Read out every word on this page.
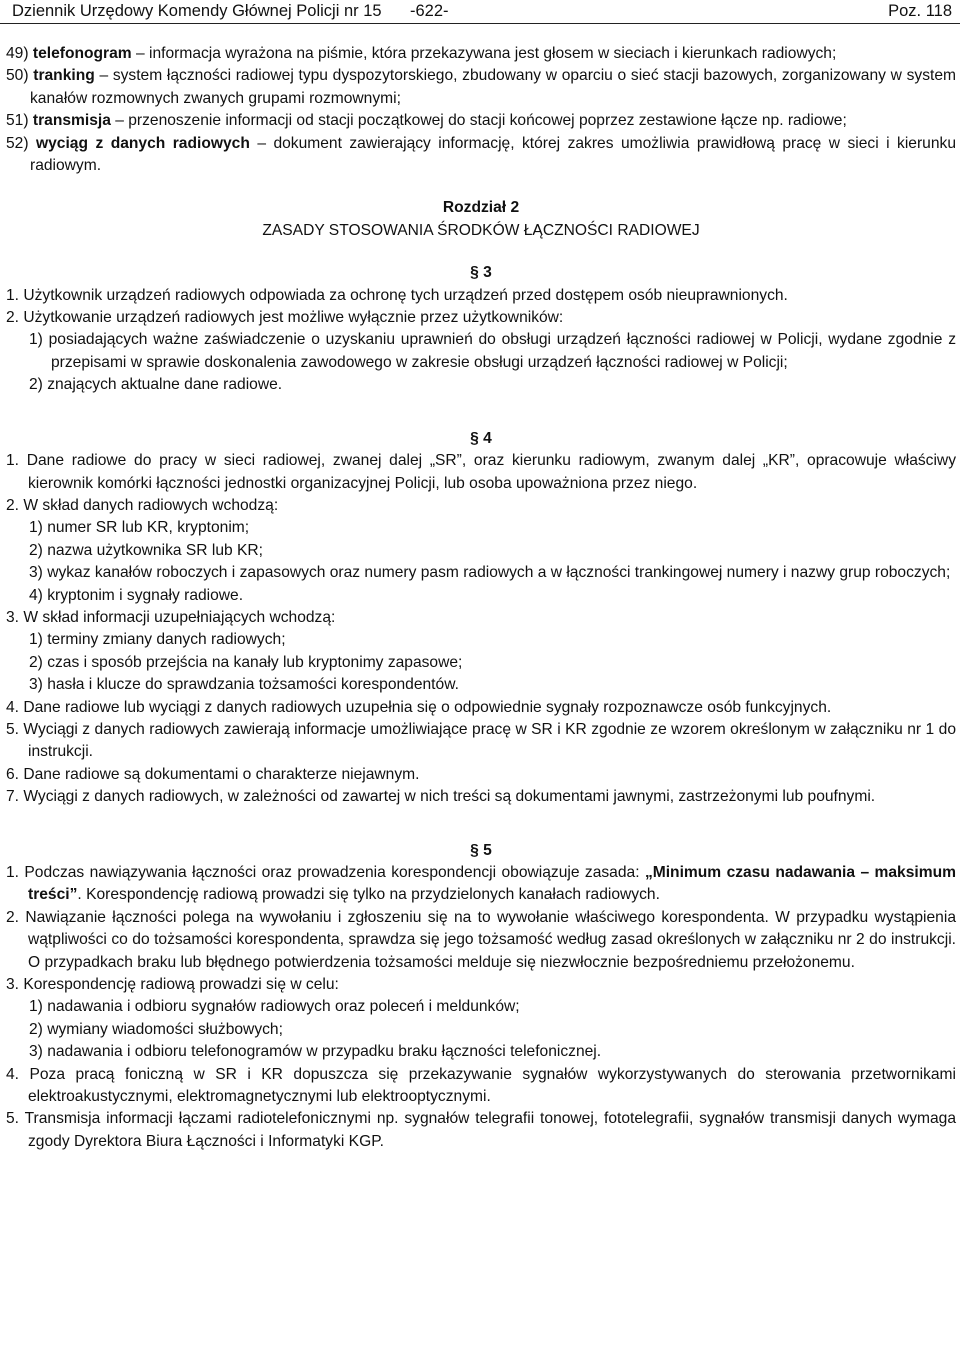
Dziennik Urzędowy Komendy Głównej Policji nr 15 -622-	Poz. 118

49) telefonogram – informacja wyrażona na piśmie, która przekazywana jest głosem w sieciach i kierunkach radiowych;

50) tranking – system łączności radiowej typu dyspozytorskiego, zbudowany w oparciu o sieć stacji bazowych, zorganizowany w system kanałów rozmownych zwanych grupami rozmownymi;

51) transmisja – przenoszenie informacji od stacji początkowej do stacji końcowej poprzez zestawione łącze np. radiowe;

52) wyciąg z danych radiowych – dokument zawierający informację, której zakres umożliwia prawidłową pracę w sieci i kierunku radiowym.

Rozdział 2

ZASADY STOSOWANIA ŚRODKÓW ŁĄCZNOŚCI RADIOWEJ

§ 3

1. Użytkownik urządzeń radiowych odpowiada za ochronę tych urządzeń przed dostępem osób nieuprawnionych.

2. Użytkowanie urządzeń radiowych jest możliwe wyłącznie przez użytkowników:

1) posiadających ważne zaświadczenie o uzyskaniu uprawnień do obsługi urządzeń łączności radiowej w Policji, wydane zgodnie z przepisami w sprawie doskonalenia zawodowego w zakresie obsługi urządzeń łączności radiowej w Policji;

2) znających aktualne dane radiowe.

§ 4

1. Dane radiowe do pracy w sieci radiowej, zwanej dalej „SR”, oraz kierunku radiowym, zwanym dalej „KR”, opracowuje właściwy kierownik komórki łączności jednostki organizacyjnej Policji, lub osoba upoważniona przez niego.

2. W skład danych radiowych wchodzą:

1) numer SR lub KR, kryptonim;

2) nazwa użytkownika SR lub KR;

3) wykaz kanałów roboczych i zapasowych oraz numery pasm radiowych a w łączności trankingowej numery i nazwy grup roboczych;

4) kryptonim i sygnały radiowe.

3. W skład informacji uzupełniających wchodzą:

1) terminy zmiany danych radiowych;

2) czas i sposób przejścia na kanały lub kryptonimy zapasowe;

3) hasła i klucze do sprawdzania tożsamości korespondentów.

4. Dane radiowe lub wyciągi z danych radiowych uzupełnia się o odpowiednie sygnały rozpoznawcze osób funkcyjnych.

5. Wyciągi z danych radiowych zawierają informacje umożliwiające pracę w SR i KR zgodnie ze wzorem określonym w załączniku nr 1 do instrukcji.

6. Dane radiowe są dokumentami o charakterze niejawnym.

7. Wyciągi z danych radiowych, w zależności od zawartej w nich treści są dokumentami jawnymi, zastrzeżonymi lub poufnymi.

§ 5

1. Podczas nawiązywania łączności oraz prowadzenia korespondencji obowiązuje zasada: „Minimum czasu nadawania – maksimum treści”. Korespondencję radiową prowadzi się tylko na przydzielonych kanałach radiowych.

2. Nawiązanie łączności polega na wywołaniu i zgłoszeniu się na to wywołanie właściwego korespondenta. W przypadku wystąpienia wątpliwości co do tożsamości korespondenta, sprawdza się jego tożsamość według zasad określonych w załączniku nr 2 do instrukcji. O przypadkach braku lub błędnego potwierdzenia tożsamości melduje się niezwłocznie bezpośredniemu przełożonemu.

3. Korespondencję radiową prowadzi się w celu:

1) nadawania i odbioru sygnałów radiowych oraz poleceń i meldunków;

2) wymiany wiadomości służbowych;

3) nadawania i odbioru telefonogramów w przypadku braku łączności telefonicznej.

4. Poza pracą foniczną w SR i KR dopuszcza się przekazywanie sygnałów wykorzystywanych do sterowania przetwornikami elektroakustycznymi, elektromagnetycznymi lub elektrooptycznymi.

5. Transmisja informacji łączami radiotelefonicznymi np. sygnałów telegrafii tonowej, fototelegrafii, sygnałów transmisji danych wymaga zgody Dyrektora Biura Łączności i Informatyki KGP.
